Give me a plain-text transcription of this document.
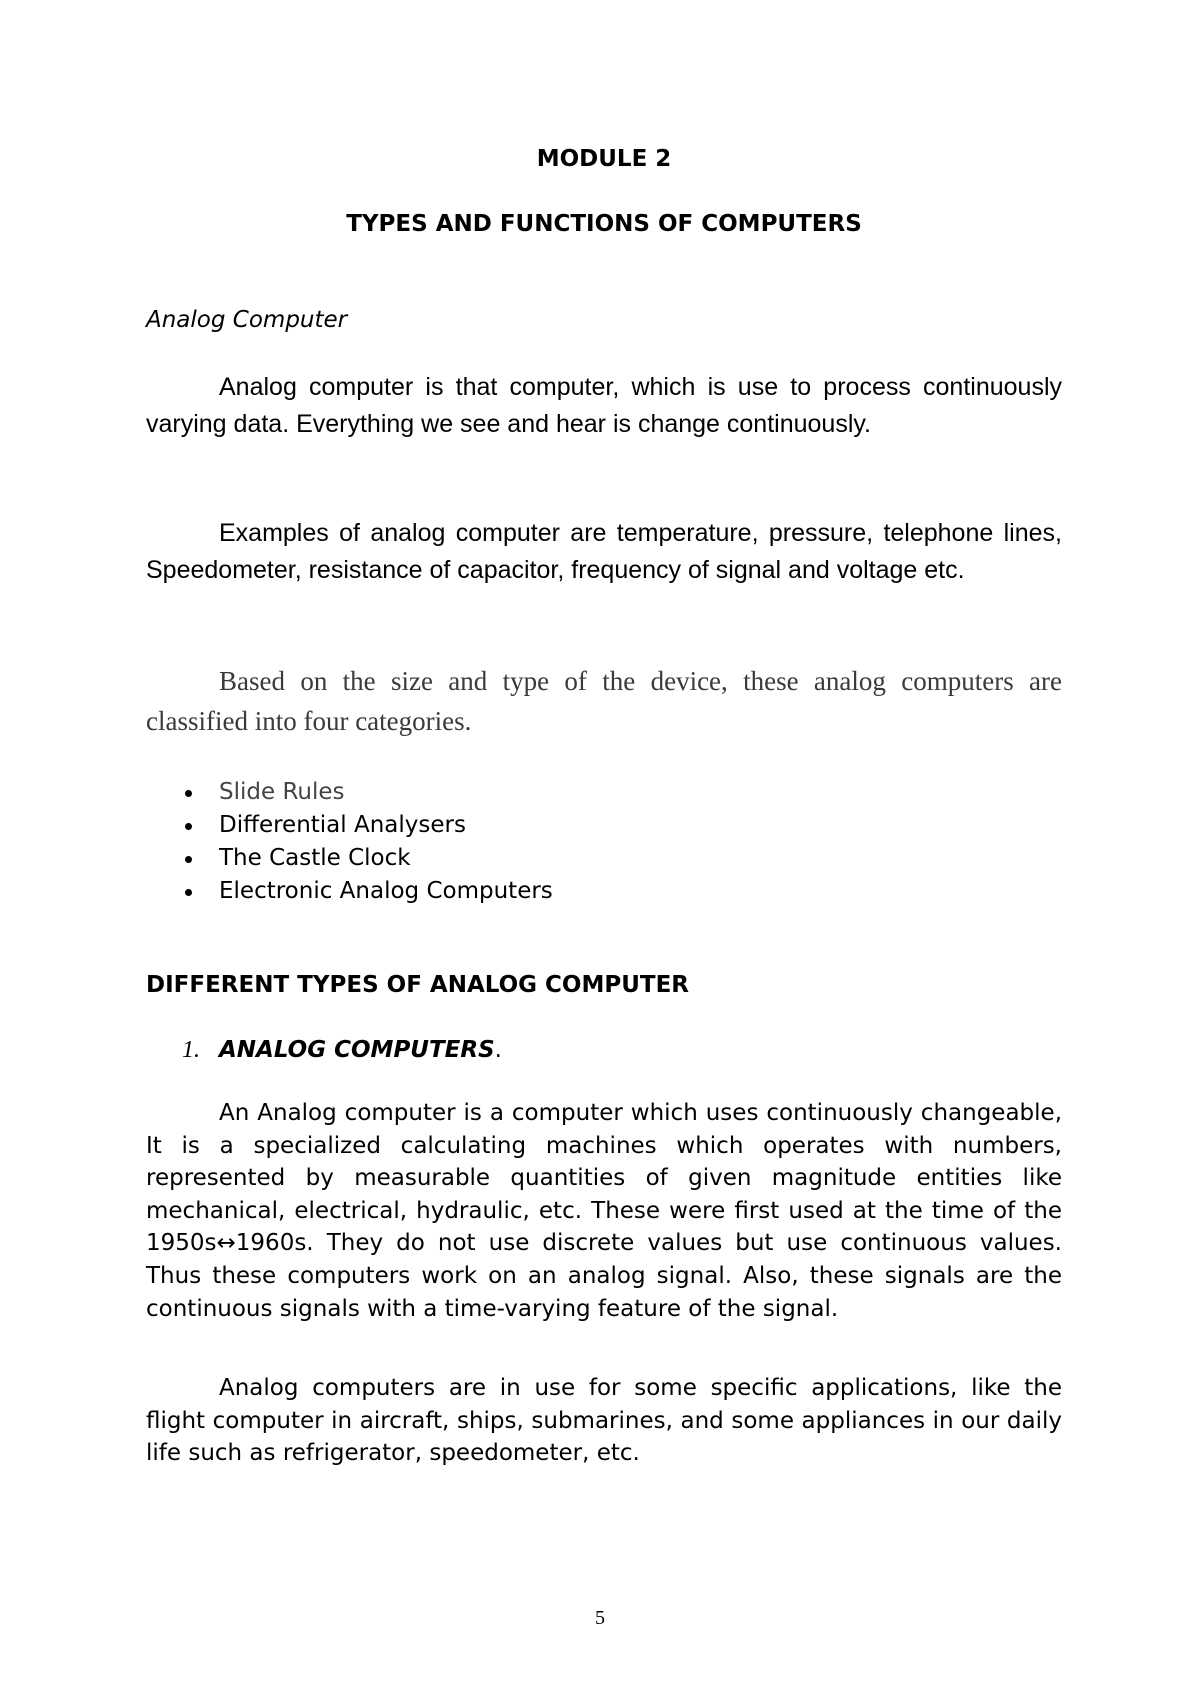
MODULE 2
TYPES AND FUNCTIONS OF COMPUTERS
Analog Computer

Analog computer is that computer, which is use to process continuously varying data. Everything we see and hear is change continuously.

Examples of analog computer are temperature, pressure, telephone lines, Speedometer, resistance of capacitor, frequency of signal and voltage etc.

Based on the size and type of the device, these analog computers are classified into four categories.

Slide Rules
Differential Analysers
The Castle Clock
Electronic Analog Computers
DIFFERENT TYPES OF ANALOG COMPUTER
1. ANALOG COMPUTERS.

An Analog computer is a computer which uses continuously changeable, It is a specialized calculating machines which operates with numbers, represented by measurable quantities of given magnitude entities like mechanical, electrical, hydraulic, etc. These were first used at the time of the 1950s↔1960s. They do not use discrete values but use continuous values. Thus these computers work on an analog signal. Also, these signals are the continuous signals with a time-varying feature of the signal.

Analog computers are in use for some specific applications, like the flight computer in aircraft, ships, submarines, and some appliances in our daily life such as refrigerator, speedometer, etc.

5
